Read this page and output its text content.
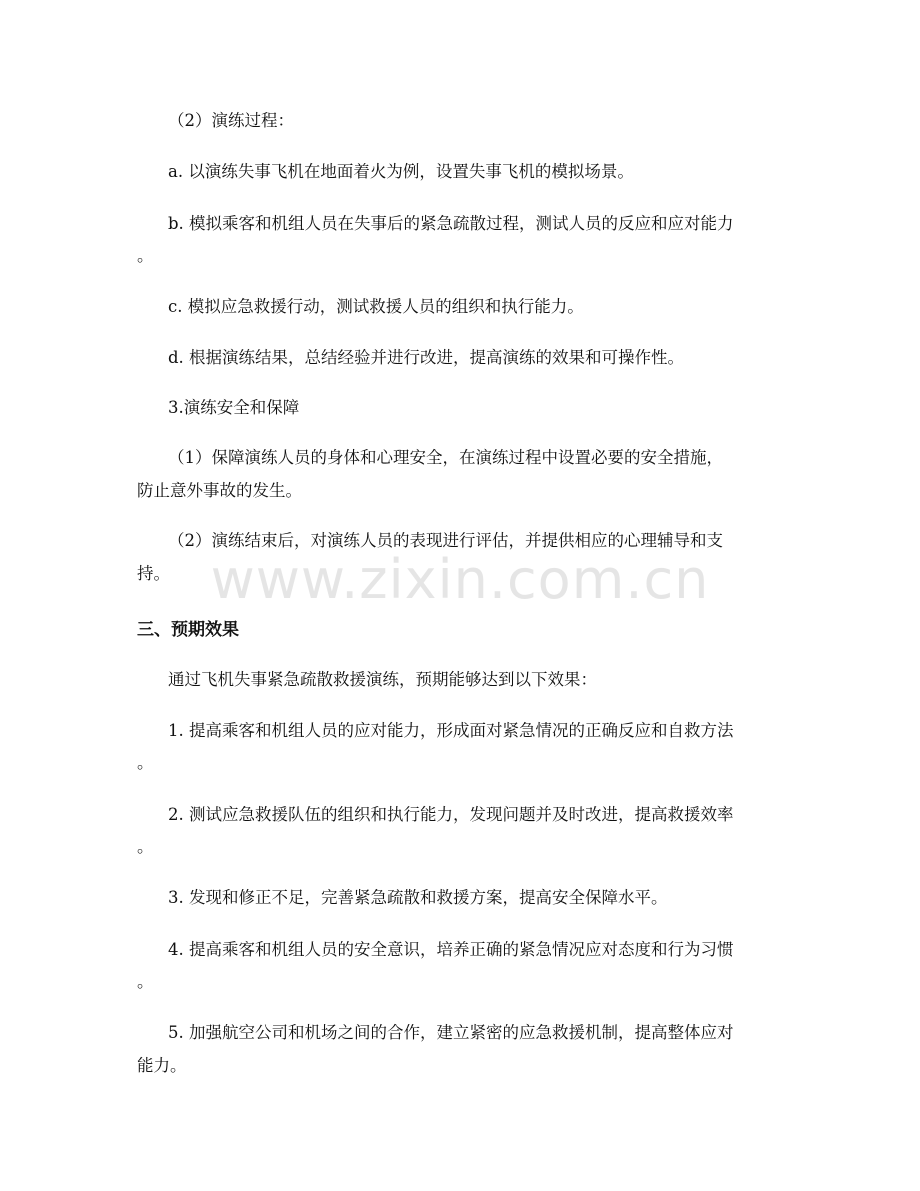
（2）演练过程：
a. 以演练失事飞机在地面着火为例，设置失事飞机的模拟场景。
b. 模拟乘客和机组人员在失事后的紧急疏散过程，测试人员的反应和应对能力
。
c. 模拟应急救援行动，测试救援人员的组织和执行能力。
d. 根据演练结果，总结经验并进行改进，提高演练的效果和可操作性。
3.演练安全和保障
（1）保障演练人员的身体和心理安全，在演练过程中设置必要的安全措施，
防止意外事故的发生。
（2）演练结束后，对演练人员的表现进行评估，并提供相应的心理辅导和支
持。
三、预期效果
通过飞机失事紧急疏散救援演练，预期能够达到以下效果：
1. 提高乘客和机组人员的应对能力，形成面对紧急情况的正确反应和自救方法
。
2. 测试应急救援队伍的组织和执行能力，发现问题并及时改进，提高救援效率
。
3. 发现和修正不足，完善紧急疏散和救援方案，提高安全保障水平。
4. 提高乘客和机组人员的安全意识，培养正确的紧急情况应对态度和行为习惯
。
5. 加强航空公司和机场之间的合作，建立紧密的应急救援机制，提高整体应对
能力。
www.zixin.com.cn
